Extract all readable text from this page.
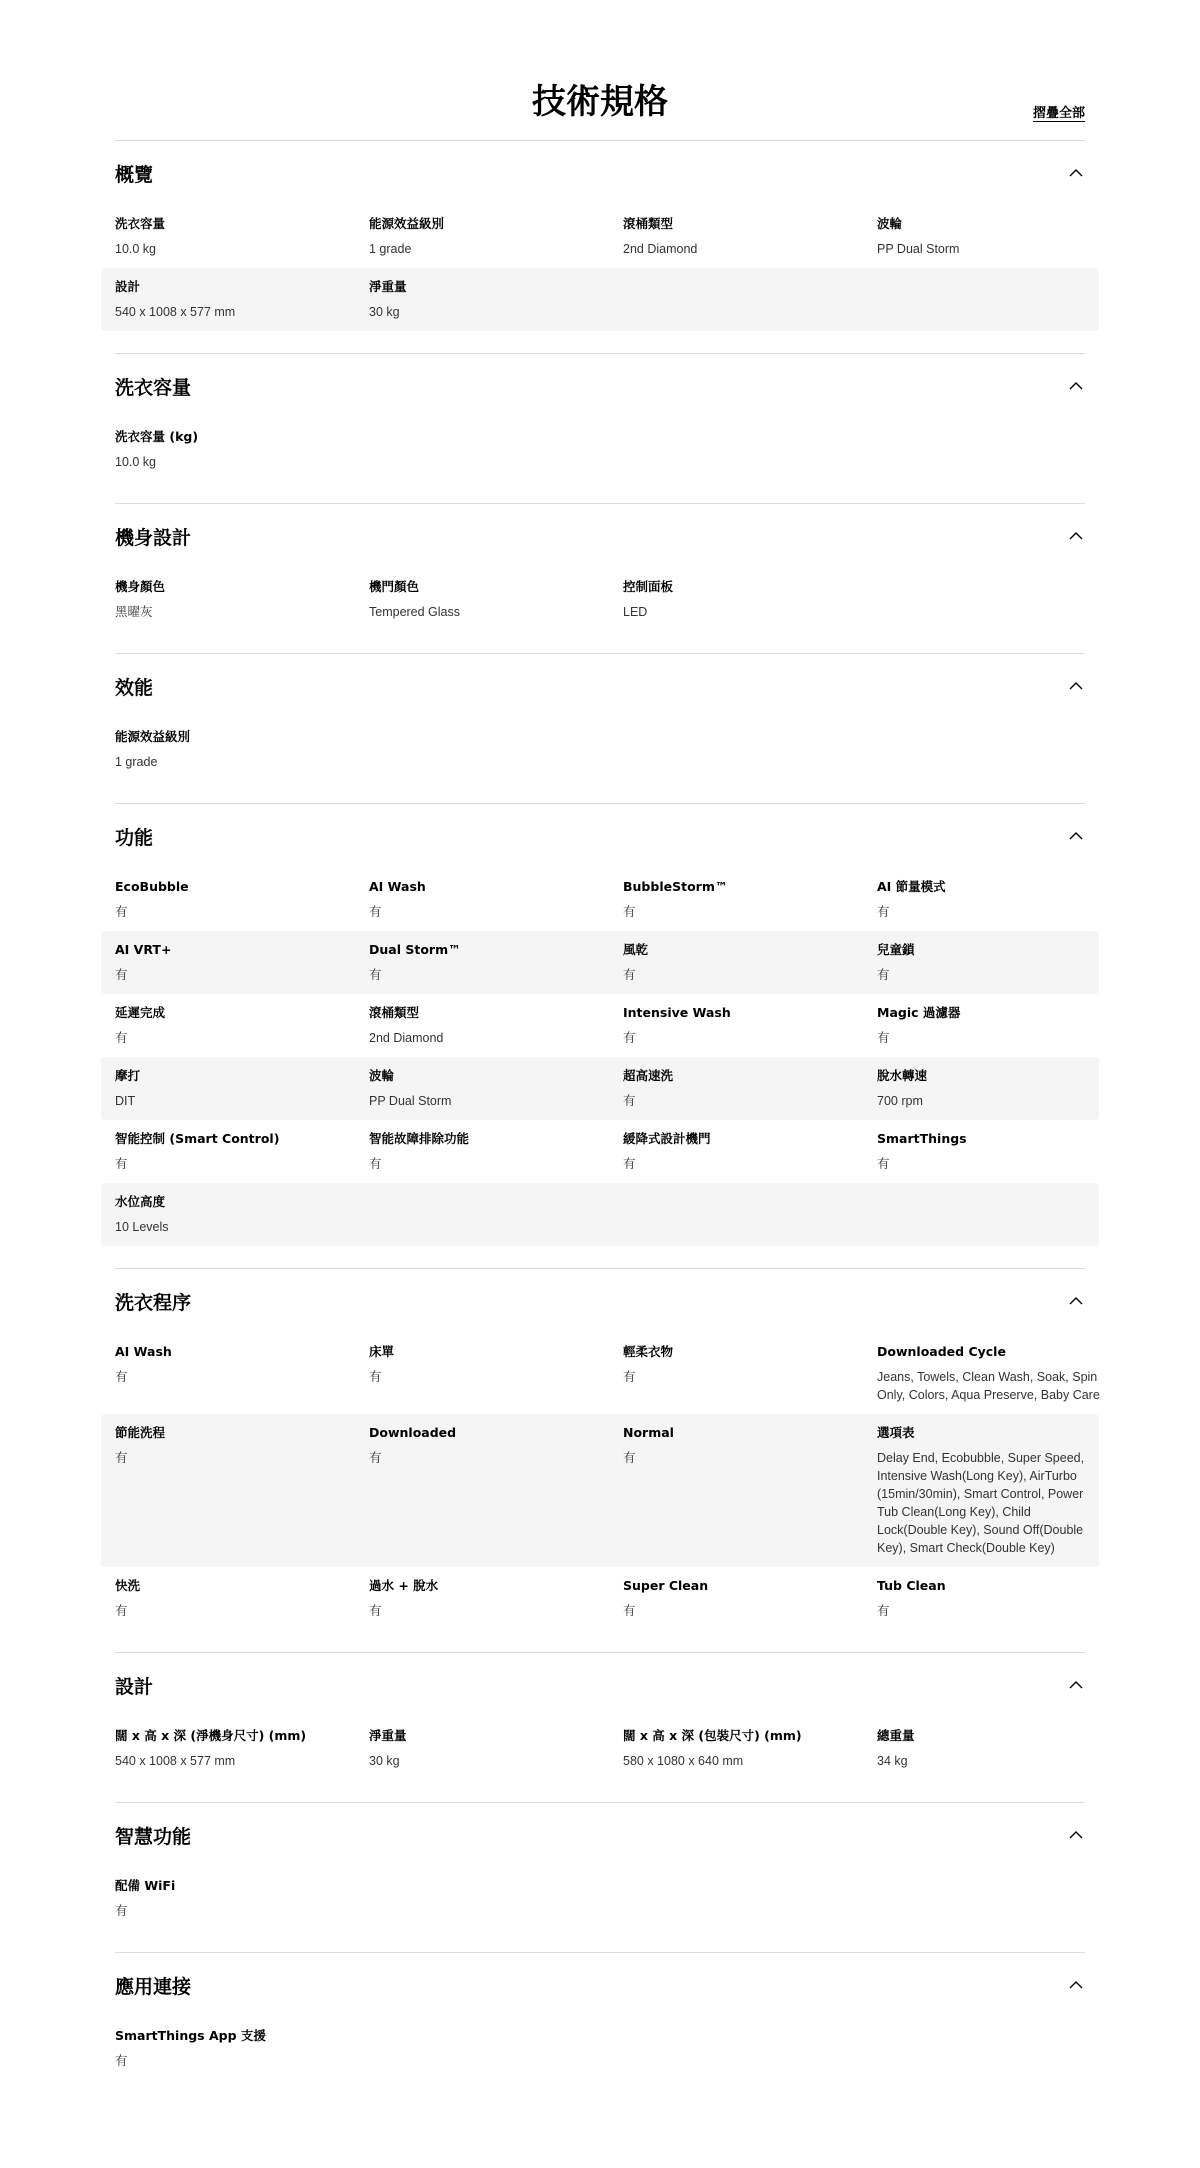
技術規格	摺疊全部
概覽
洗衣容量
10.0 kg
能源效益級別
1 grade
滾桶類型
2nd Diamond
波輪
PP Dual Storm
設計
540 x 1008 x 577 mm
淨重量
30 kg
洗衣容量
洗衣容量 (kg)
10.0 kg
機身設計
機身顏色
黑曜灰
機門顏色
Tempered Glass
控制面板
LED
效能
能源效益級別
1 grade
功能
EcoBubble
有
AI Wash
有
BubbleStorm™
有
AI 節量模式
有
AI VRT+
有
Dual Storm™
有
風乾
有
兒童鎖
有
延遲完成
有
滾桶類型
2nd Diamond
Intensive Wash
有
Magic 過濾器
有
摩打
DIT
波輪
PP Dual Storm
超高速洗
有
脫水轉速
700 rpm
智能控制 (Smart Control)
有
智能故障排除功能
有
緩降式設計機門
有
SmartThings
有
水位高度
10 Levels
洗衣程序
AI Wash
有
床單
有
輕柔衣物
有
Downloaded Cycle
Jeans, Towels, Clean Wash, Soak, Spin Only, Colors, Aqua Preserve, Baby Care
節能洗程
有
Downloaded
有
Normal
有
選項表
Delay End, Ecobubble, Super Speed, Intensive Wash(Long Key), AirTurbo (15min/30min), Smart Control, Power Tub Clean(Long Key), Child Lock(Double Key), Sound Off(Double Key), Smart Check(Double Key)
快洗
有
過水 + 脫水
有
Super Clean
有
Tub Clean
有
設計
闊 x 高 x 深 (淨機身尺寸) (mm)
540 x 1008 x 577 mm
淨重量
30 kg
闊 x 高 x 深 (包裝尺寸) (mm)
580 x 1080 x 640 mm
總重量
34 kg
智慧功能
配備 WiFi
有
應用連接
SmartThings App 支援
有
